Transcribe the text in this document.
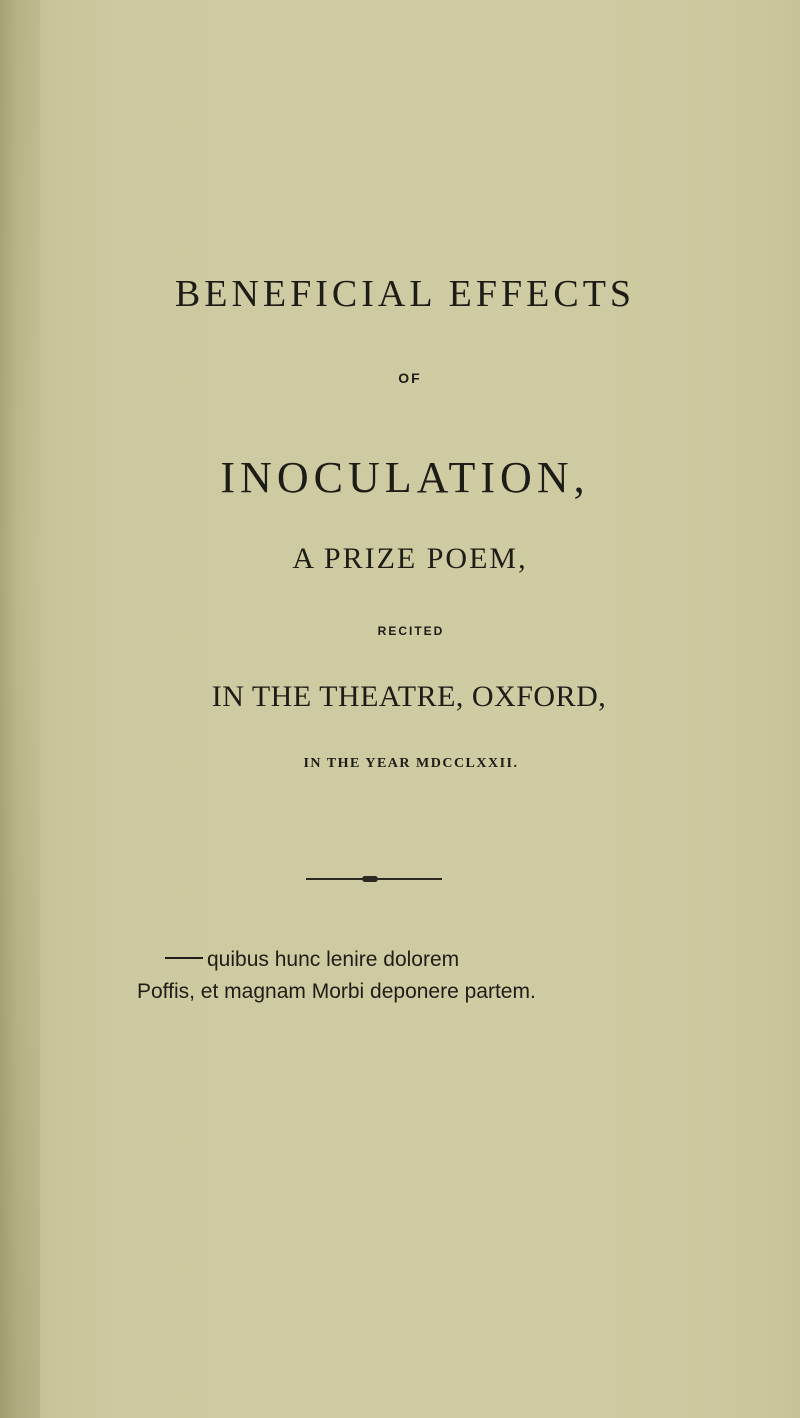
BENEFICIAL EFFECTS
OF
INOCULATION,
A PRIZE POEM,
RECITED
IN THE THEATRE, OXFORD,
IN THE YEAR MDCCLXXII.
quibus hunc lenire dolorem
Poffis, et magnam Morbi deponere partem.
